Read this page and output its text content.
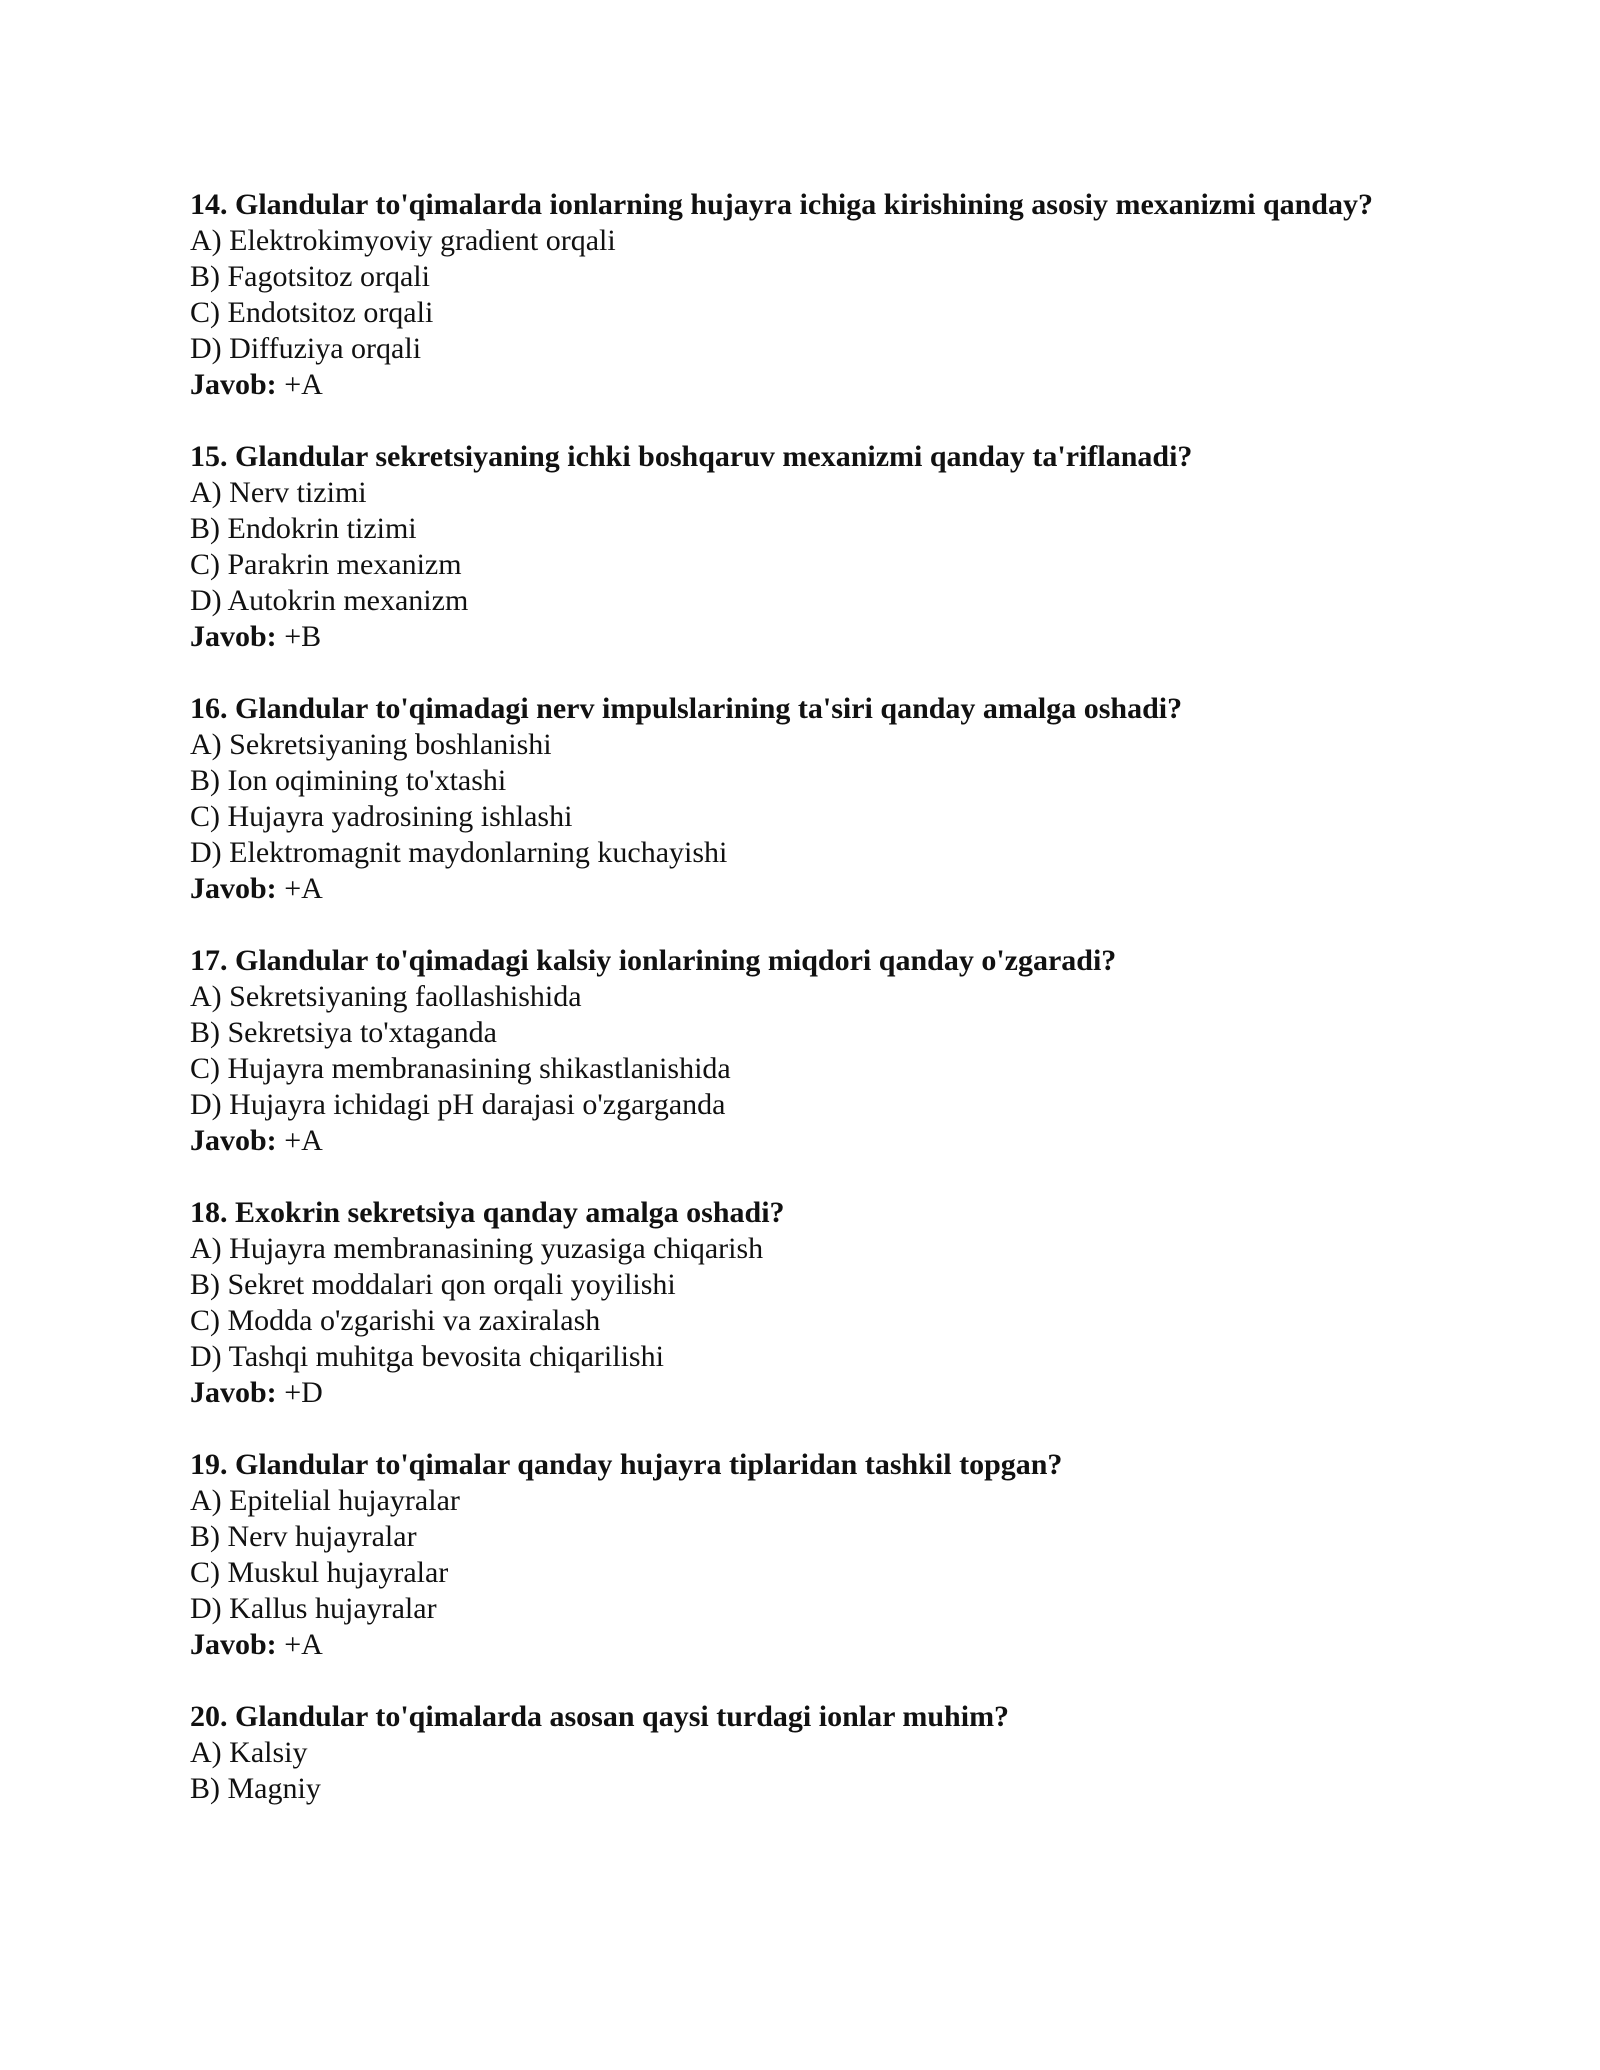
14. Glandular to'qimalarda ionlarning hujayra ichiga kirishining asosiy mexanizmi qanday?

A) Elektrokimyoviy gradient orqali

B) Fagotsitoz orqali

C) Endotsitoz orqali

D) Diffuziya orqali

Javob: +A

15. Glandular sekretsiyaning ichki boshqaruv mexanizmi qanday ta'riflanadi?

A) Nerv tizimi

B) Endokrin tizimi

C) Parakrin mexanizm

D) Autokrin mexanizm

Javob: +B

16. Glandular to'qimadagi nerv impulslarining ta'siri qanday amalga oshadi?

A) Sekretsiyaning boshlanishi

B) Ion oqimining to'xtashi

C) Hujayra yadrosining ishlashi

D) Elektromagnit maydonlarning kuchayishi

Javob: +A

17. Glandular to'qimadagi kalsiy ionlarining miqdori qanday o'zgaradi?

A) Sekretsiyaning faollashishida

B) Sekretsiya to'xtaganda

C) Hujayra membranasining shikastlanishida

D) Hujayra ichidagi pH darajasi o'zgarganda

Javob: +A

18. Exokrin sekretsiya qanday amalga oshadi?

A) Hujayra membranasining yuzasiga chiqarish

B) Sekret moddalari qon orqali yoyilishi

C) Modda o'zgarishi va zaxiralash

D) Tashqi muhitga bevosita chiqarilishi

Javob: +D

19. Glandular to'qimalar qanday hujayra tiplaridan tashkil topgan?

A) Epitelial hujayralar

B) Nerv hujayralar

C) Muskul hujayralar

D) Kallus hujayralar

Javob: +A

20. Glandular to'qimalarda asosan qaysi turdagi ionlar muhim?

A) Kalsiy

B) Magniy
